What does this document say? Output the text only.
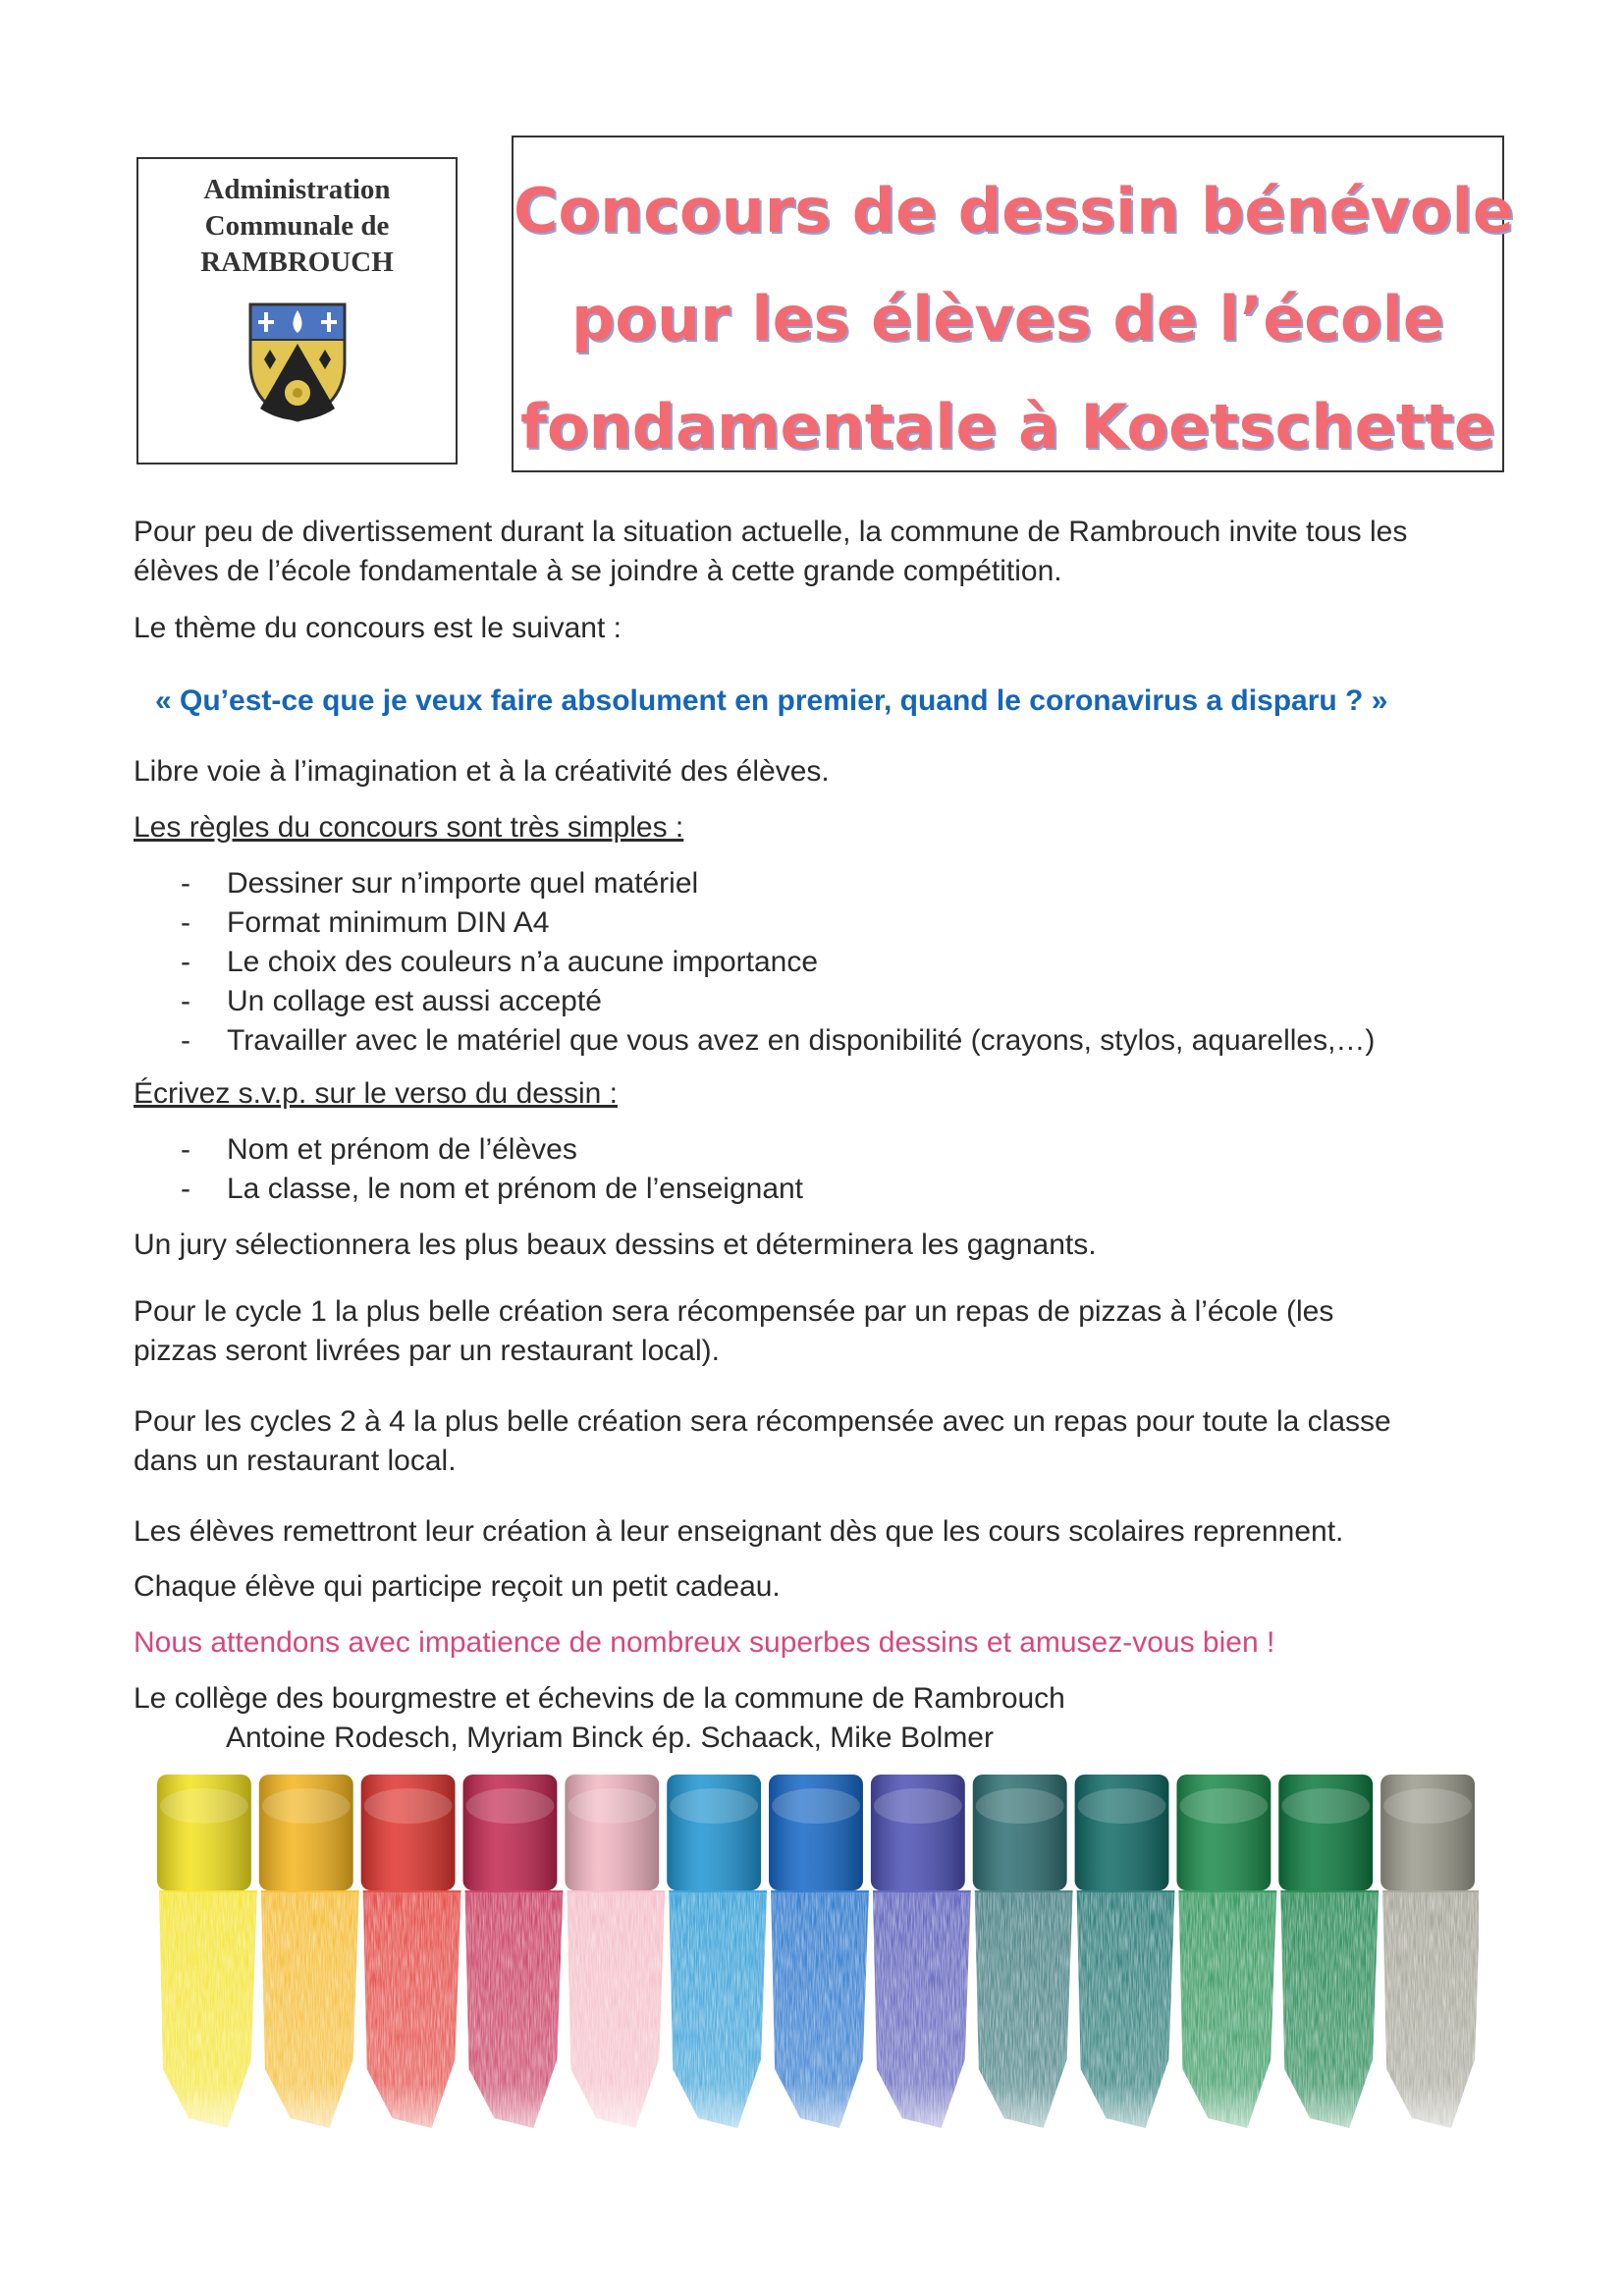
Administration
Communale de
RAMBROUCH
Concours de dessin bénévole
pour les élèves de l’école
fondamentale à Koetschette

Pour peu de divertissement durant la situation actuelle, la commune de Rambrouch invite tous les
élèves de l’école fondamentale à se joindre à cette grande compétition.

Le thème du concours est le suivant :

« Qu’est-ce que je veux faire absolument en premier, quand le coronavirus a disparu ? »

Libre voie à l’imagination et à la créativité des élèves.

Les règles du concours sont très simples :

- Dessiner sur n’importe quel matériel
- Format minimum DIN A4
- Le choix des couleurs n’a aucune importance
- Un collage est aussi accepté
- Travailler avec le matériel que vous avez en disponibilité (crayons, stylos, aquarelles,…)

Écrivez s.v.p. sur le verso du dessin :

- Nom et prénom de l’élèves
- La classe, le nom et prénom de l’enseignant

Un jury sélectionnera les plus beaux dessins et déterminera les gagnants.

Pour le cycle 1 la plus belle création sera récompensée par un repas de pizzas à l’école (les
pizzas seront livrées par un restaurant local).

Pour les cycles 2 à 4 la plus belle création sera récompensée avec un repas pour toute la classe
dans un restaurant local.

Les élèves remettront leur création à leur enseignant dès que les cours scolaires reprennent.

Chaque élève qui participe reçoit un petit cadeau.

Nous attendons avec impatience de nombreux superbes dessins et amusez-vous bien !

Le collège des bourgmestre et échevins de la commune de Rambrouch
Antoine Rodesch, Myriam Binck ép. Schaack, Mike Bolmer
